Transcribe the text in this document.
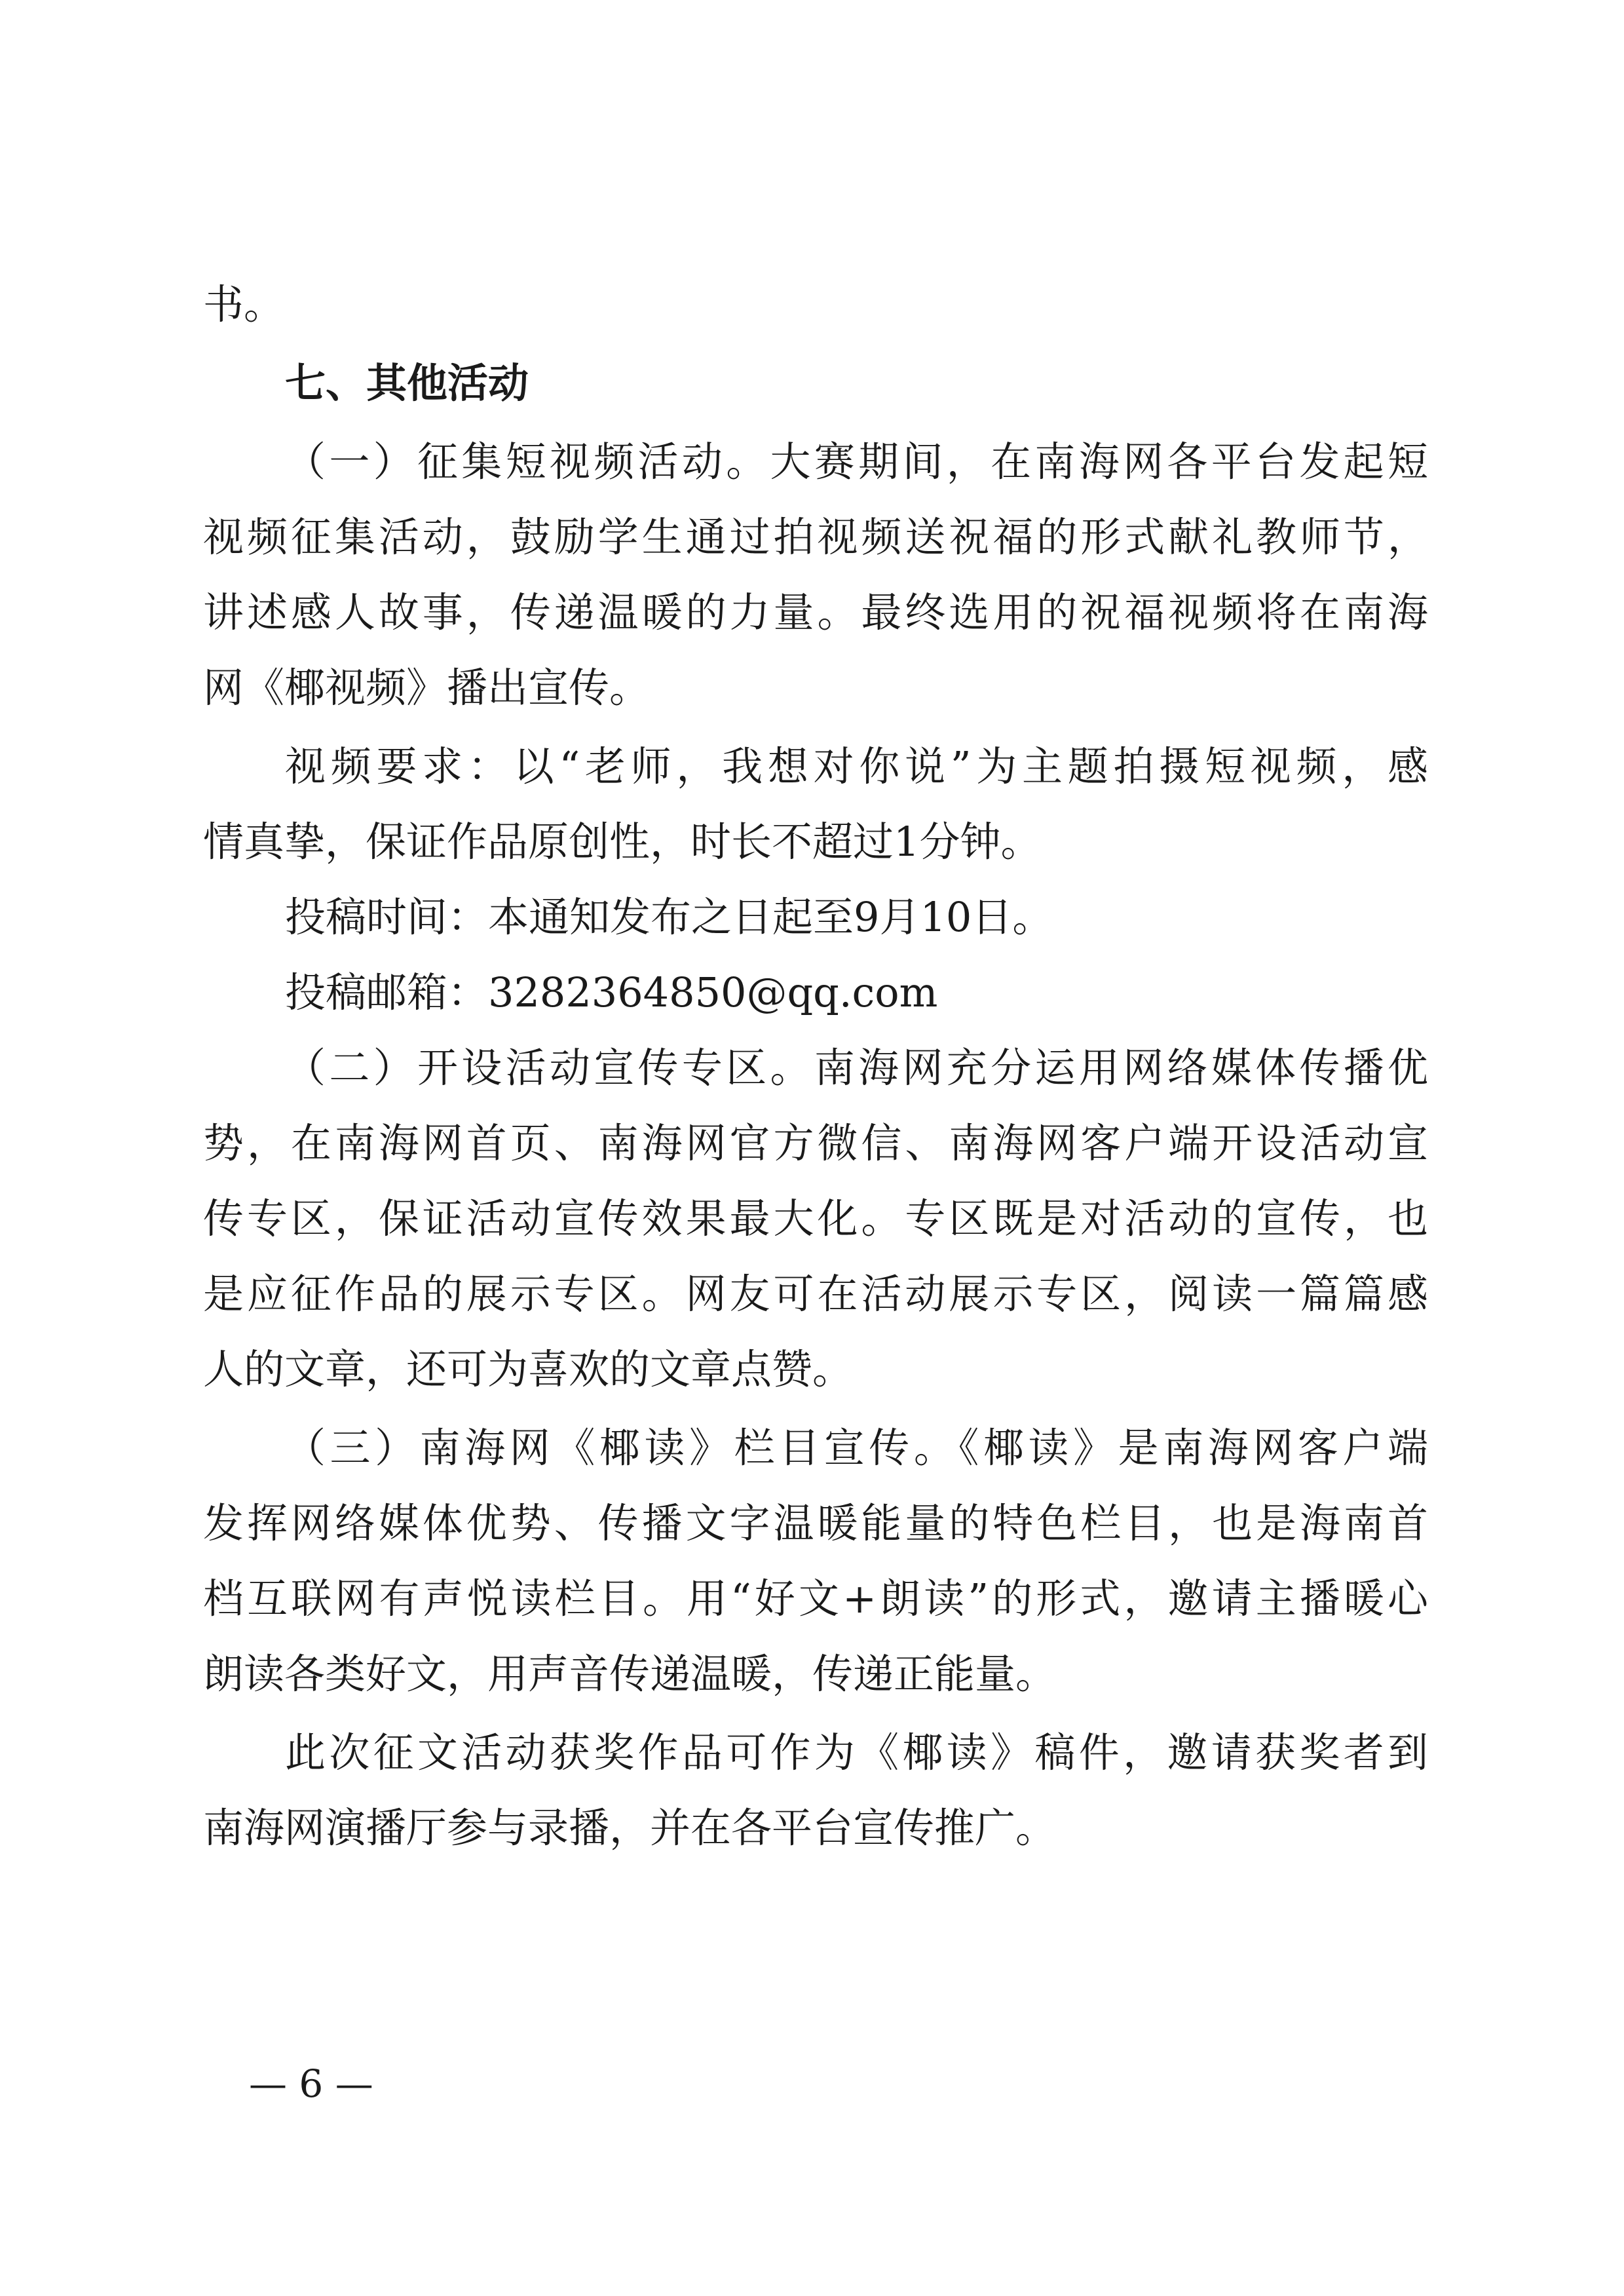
书。
七、其他活动
（一）征集短视频活动。大赛期间，在南海网各平台发起短
视频征集活动，鼓励学生通过拍视频送祝福的形式献礼教师节，
讲述感人故事，传递温暖的力量。最终选用的祝福视频将在南海
网《椰视频》播出宣传。
视频要求：以“老师，我想对你说”为主题拍摄短视频，感
情真挚，保证作品原创性，时长不超过1分钟。
投稿时间：本通知发布之日起至9月10日。
投稿邮箱：3282364850@qq.com
（二）开设活动宣传专区。南海网充分运用网络媒体传播优
势，在南海网首页、南海网官方微信、南海网客户端开设活动宣
传专区，保证活动宣传效果最大化。专区既是对活动的宣传，也
是应征作品的展示专区。网友可在活动展示专区，阅读一篇篇感
人的文章，还可为喜欢的文章点赞。
（三）南海网《椰读》栏目宣传。《椰读》是南海网客户端
发挥网络媒体优势、传播文字温暖能量的特色栏目，也是海南首
档互联网有声悦读栏目。用“好文+朗读”的形式，邀请主播暖心
朗读各类好文，用声音传递温暖，传递正能量。
此次征文活动获奖作品可作为《椰读》稿件，邀请获奖者到
南海网演播厅参与录播，并在各平台宣传推广。
— 6 —
